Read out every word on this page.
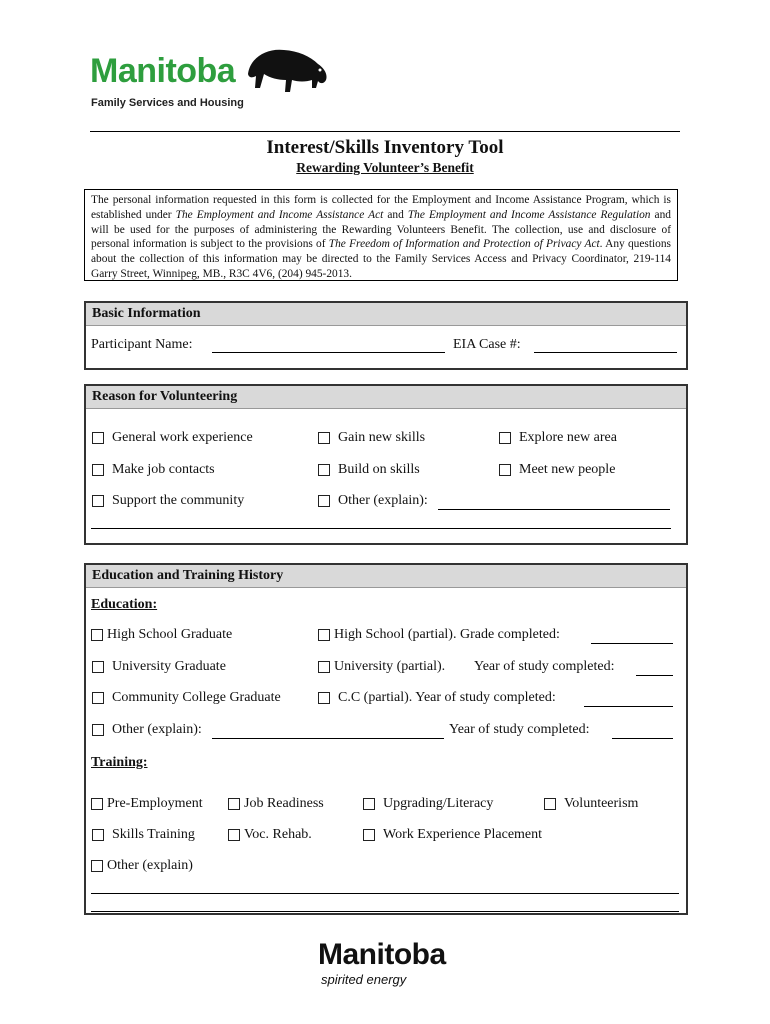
Manitoba
Family Services and Housing
Interest/Skills Inventory Tool
Rewarding Volunteer’s Benefit
The personal information requested in this form is collected for the Employment and Income Assistance Program, which is established under The Employment and Income Assistance Act and The Employment and Income Assistance Regulation and will be used for the purposes of administering the Rewarding Volunteers Benefit. The collection, use and disclosure of personal information is subject to the provisions of The Freedom of Information and Protection of Privacy Act. Any questions about the collection of this information may be directed to the Family Services Access and Privacy Coordinator, 219-114 Garry Street, Winnipeg, MB., R3C 4V6, (204) 945-2013.
Basic Information
Participant Name:	EIA Case #:
Reason for Volunteering
General work experience	Gain new skills	Explore new area
Make job contacts	Build on skills	Meet new people
Support the community	Other (explain):
Education and Training History
Education:
High School Graduate	High School (partial). Grade completed:
University Graduate	University (partial). Year of study completed:
Community College Graduate	C.C (partial). Year of study completed:
Other (explain):	Year of study completed:
Training:
Pre-Employment	Job Readiness	Upgrading/Literacy	Volunteerism
Skills Training	Voc. Rehab.	Work Experience Placement
Other (explain)
Manitoba
spirited energy
